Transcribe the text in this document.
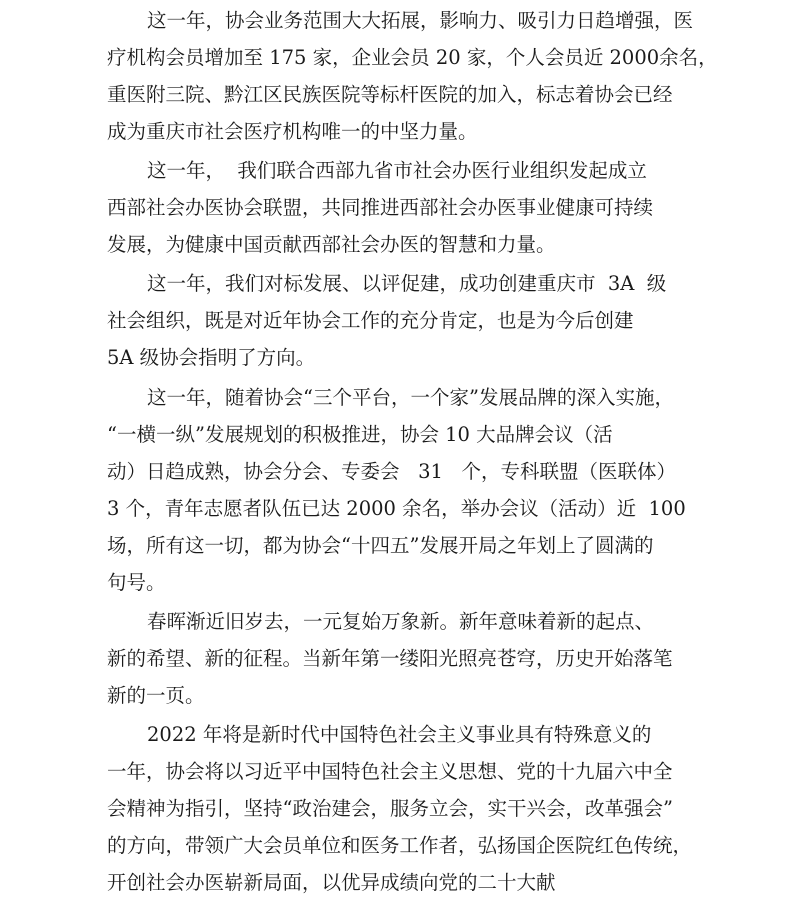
这一年，协会业务范围大大拓展，影响力、吸引力日趋增强，医
疗机构会员增加至 175 家，企业会员 20 家，个人会员近 2000余名，
重医附三院、黔江区民族医院等标杆医院的加入，标志着协会已经
成为重庆市社会医疗机构唯一的中坚力量。
这一年，  我们联合西部九省市社会办医行业组织发起成立
西部社会办医协会联盟，共同推进西部社会办医事业健康可持续
发展，为健康中国贡献西部社会办医的智慧和力量。
这一年，我们对标发展、以评促建，成功创建重庆市  3A  级
社会组织，既是对近年协会工作的充分肯定，也是为今后创建
5A 级协会指明了方向。
这一年，随着协会“三个平台，一个家”发展品牌的深入实施，
“一横一纵”发展规划的积极推进，协会 10 大品牌会议（活
动）日趋成熟，协会分会、专委会   31   个，专科联盟（医联体）
3 个，青年志愿者队伍已达 2000 余名，举办会议（活动）近  100
场，所有这一切，都为协会“十四五”发展开局之年划上了圆满的
句号。
春晖渐近旧岁去，一元复始万象新。新年意味着新的起点、
新的希望、新的征程。当新年第一缕阳光照亮苍穹，历史开始落笔
新的一页。
2022 年将是新时代中国特色社会主义事业具有特殊意义的
一年，协会将以习近平中国特色社会主义思想、党的十九届六中全
会精神为指引，坚持“政治建会，服务立会，实干兴会，改革强会”
的方向，带领广大会员单位和医务工作者，弘扬国企医院红色传统，
开创社会办医崭新局面，以优异成绩向党的二十大献
